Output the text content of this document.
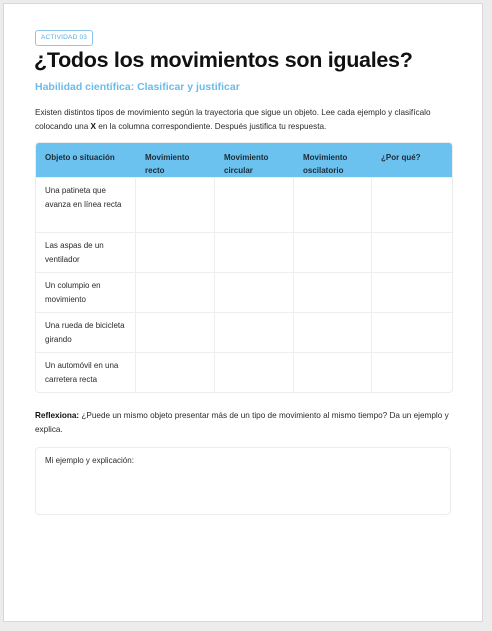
ACTIVIDAD 03
¿Todos los movimientos son iguales?
Habilidad científica: Clasificar y justificar

Existen distintos tipos de movimiento según la trayectoria que sigue un objeto. Lee cada ejemplo y clasifícalo colocando una X en la columna correspondiente. Después justifica tu respuesta.

Objeto o situación	Movimiento recto	Movimiento circular	Movimiento oscilatorio	¿Por qué?
Una patineta que avanza en línea recta				
Las aspas de un ventilador				
Un columpio en movimiento				
Una rueda de bicicleta girando				
Un automóvil en una carretera recta				

Reflexiona: ¿Puede un mismo objeto presentar más de un tipo de movimiento al mismo tiempo? Da un ejemplo y explica.

Mi ejemplo y explicación:
